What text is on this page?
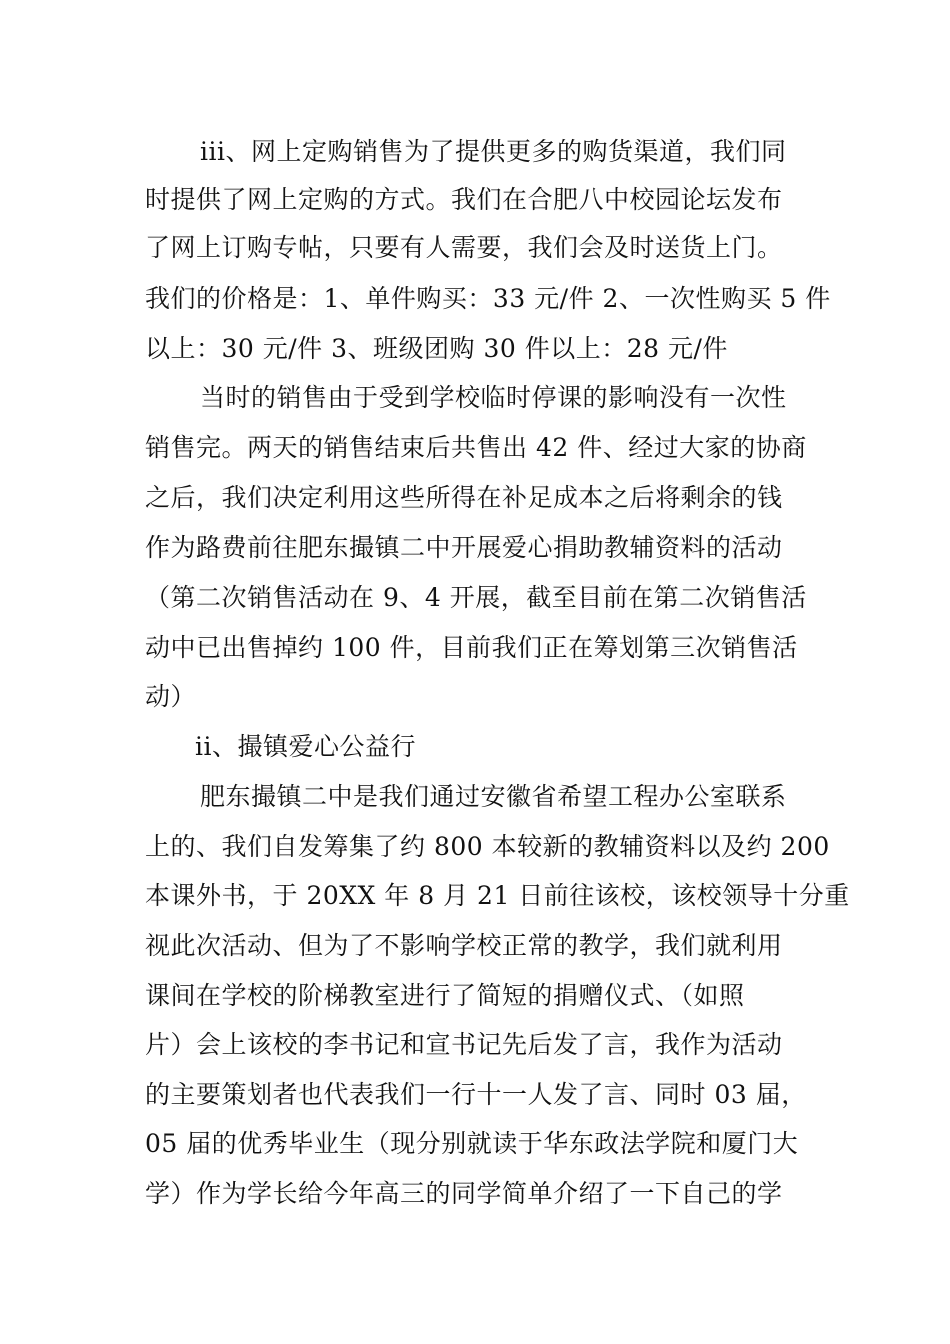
iii、网上定购销售为了提供更多的购货渠道，我们同
时提供了网上定购的方式。我们在合肥八中校园论坛发布
了网上订购专帖，只要有人需要，我们会及时送货上门。
我们的价格是：1、单件购买：33 元/件 2、一次性购买 5 件
以上：30 元/件 3、班级团购 30 件以上：28 元/件
当时的销售由于受到学校临时停课的影响没有一次性
销售完。两天的销售结束后共售出 42 件、经过大家的协商
之后，我们决定利用这些所得在补足成本之后将剩余的钱
作为路费前往肥东撮镇二中开展爱心捐助教辅资料的活动
（第二次销售活动在 9、4 开展，截至目前在第二次销售活
动中已出售掉约 100 件，目前我们正在筹划第三次销售活
动）
ii、撮镇爱心公益行
肥东撮镇二中是我们通过安徽省希望工程办公室联系
上的、我们自发筹集了约 800 本较新的教辅资料以及约 200
本课外书，于 20XX 年 8 月 21 日前往该校，该校领导十分重
视此次活动、但为了不影响学校正常的教学，我们就利用
课间在学校的阶梯教室进行了简短的捐赠仪式、（如照
片）会上该校的李书记和宣书记先后发了言，我作为活动
的主要策划者也代表我们一行十一人发了言、同时 03 届，
05 届的优秀毕业生（现分别就读于华东政法学院和厦门大
学）作为学长给今年高三的同学简单介绍了一下自己的学
